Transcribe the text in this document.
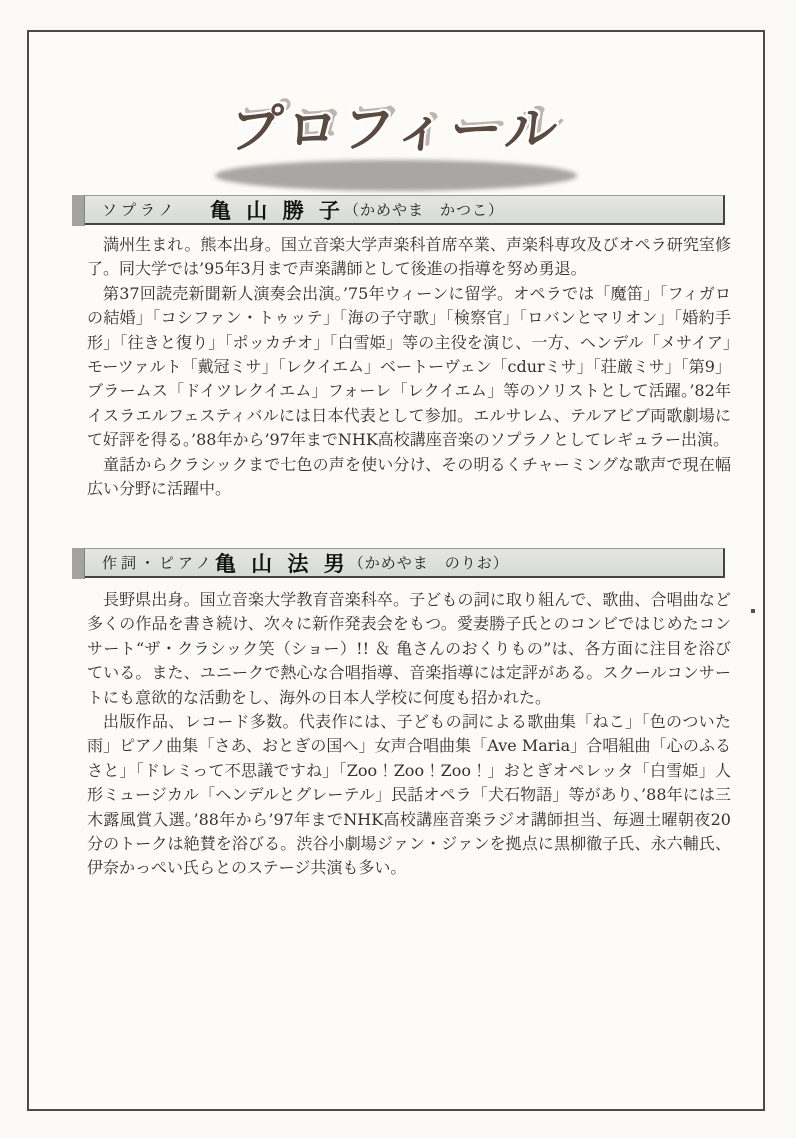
プロフィール
ソプラノ	亀 山 勝 子 （かめやま　かつこ）

満州生まれ。熊本出身。国立音楽大学声楽科首席卒業、声楽科専攻及びオペラ研究室修了。同大学では’95年3月まで声楽講師として後進の指導を努め勇退。

第37回読売新聞新人演奏会出演。’75年ウィーンに留学。オペラでは「魔笛」「フィガロの結婚」「コシファン・トゥッテ」「海の子守歌」「検察官」「ロバンとマリオン」「婚約手形」「往きと復り」「ポッカチオ」「白雪姫」等の主役を演じ、一方、ヘンデル「メサイア」モーツァルト「戴冠ミサ」「レクイエム」ベートーヴェン「cdurミサ」「荘厳ミサ」「第9」ブラームス「ドイツレクイエム」フォーレ「レクイエム」等のソリストとして活躍。’82年イスラエルフェスティバルには日本代表として参加。エルサレム、テルアビブ両歌劇場にて好評を得る。’88年から’97年までNHK高校講座音楽のソプラノとしてレギュラー出演。

童話からクラシックまで七色の声を使い分け、その明るくチャーミングな歌声で現在幅広い分野に活躍中。

作詞・ピアノ 亀 山 法 男 （かめやま　のりお）

長野県出身。国立音楽大学教育音楽科卒。子どもの詞に取り組んで、歌曲、合唱曲など多くの作品を書き続け、次々に新作発表会をもつ。愛妻勝子氏とのコンビではじめたコンサート“ザ・クラシック笑（ショー）!! ＆ 亀さんのおくりもの”は、各方面に注目を浴びている。また、ユニークで熱心な合唱指導、音楽指導には定評がある。スクールコンサートにも意欲的な活動をし、海外の日本人学校に何度も招かれた。

出版作品、レコード多数。代表作には、子どもの詞による歌曲集「ねこ」「色のついた雨」ピアノ曲集「さあ、おとぎの国へ」女声合唱曲集「Ave Maria」合唱組曲「心のふるさと」「ドレミって不思議ですね」「Zoo！Zoo！Zoo！」おとぎオペレッタ「白雪姫」人形ミュージカル「ヘンデルとグレーテル」民話オペラ「犬石物語」等があり、’88年には三木露風賞入選。’88年から’97年までNHK高校講座音楽ラジオ講師担当、毎週土曜朝夜20分のトークは絶賛を浴びる。渋谷小劇場ジァン・ジァンを拠点に黒柳徹子氏、永六輔氏、伊奈かっぺい氏らとのステージ共演も多い。
